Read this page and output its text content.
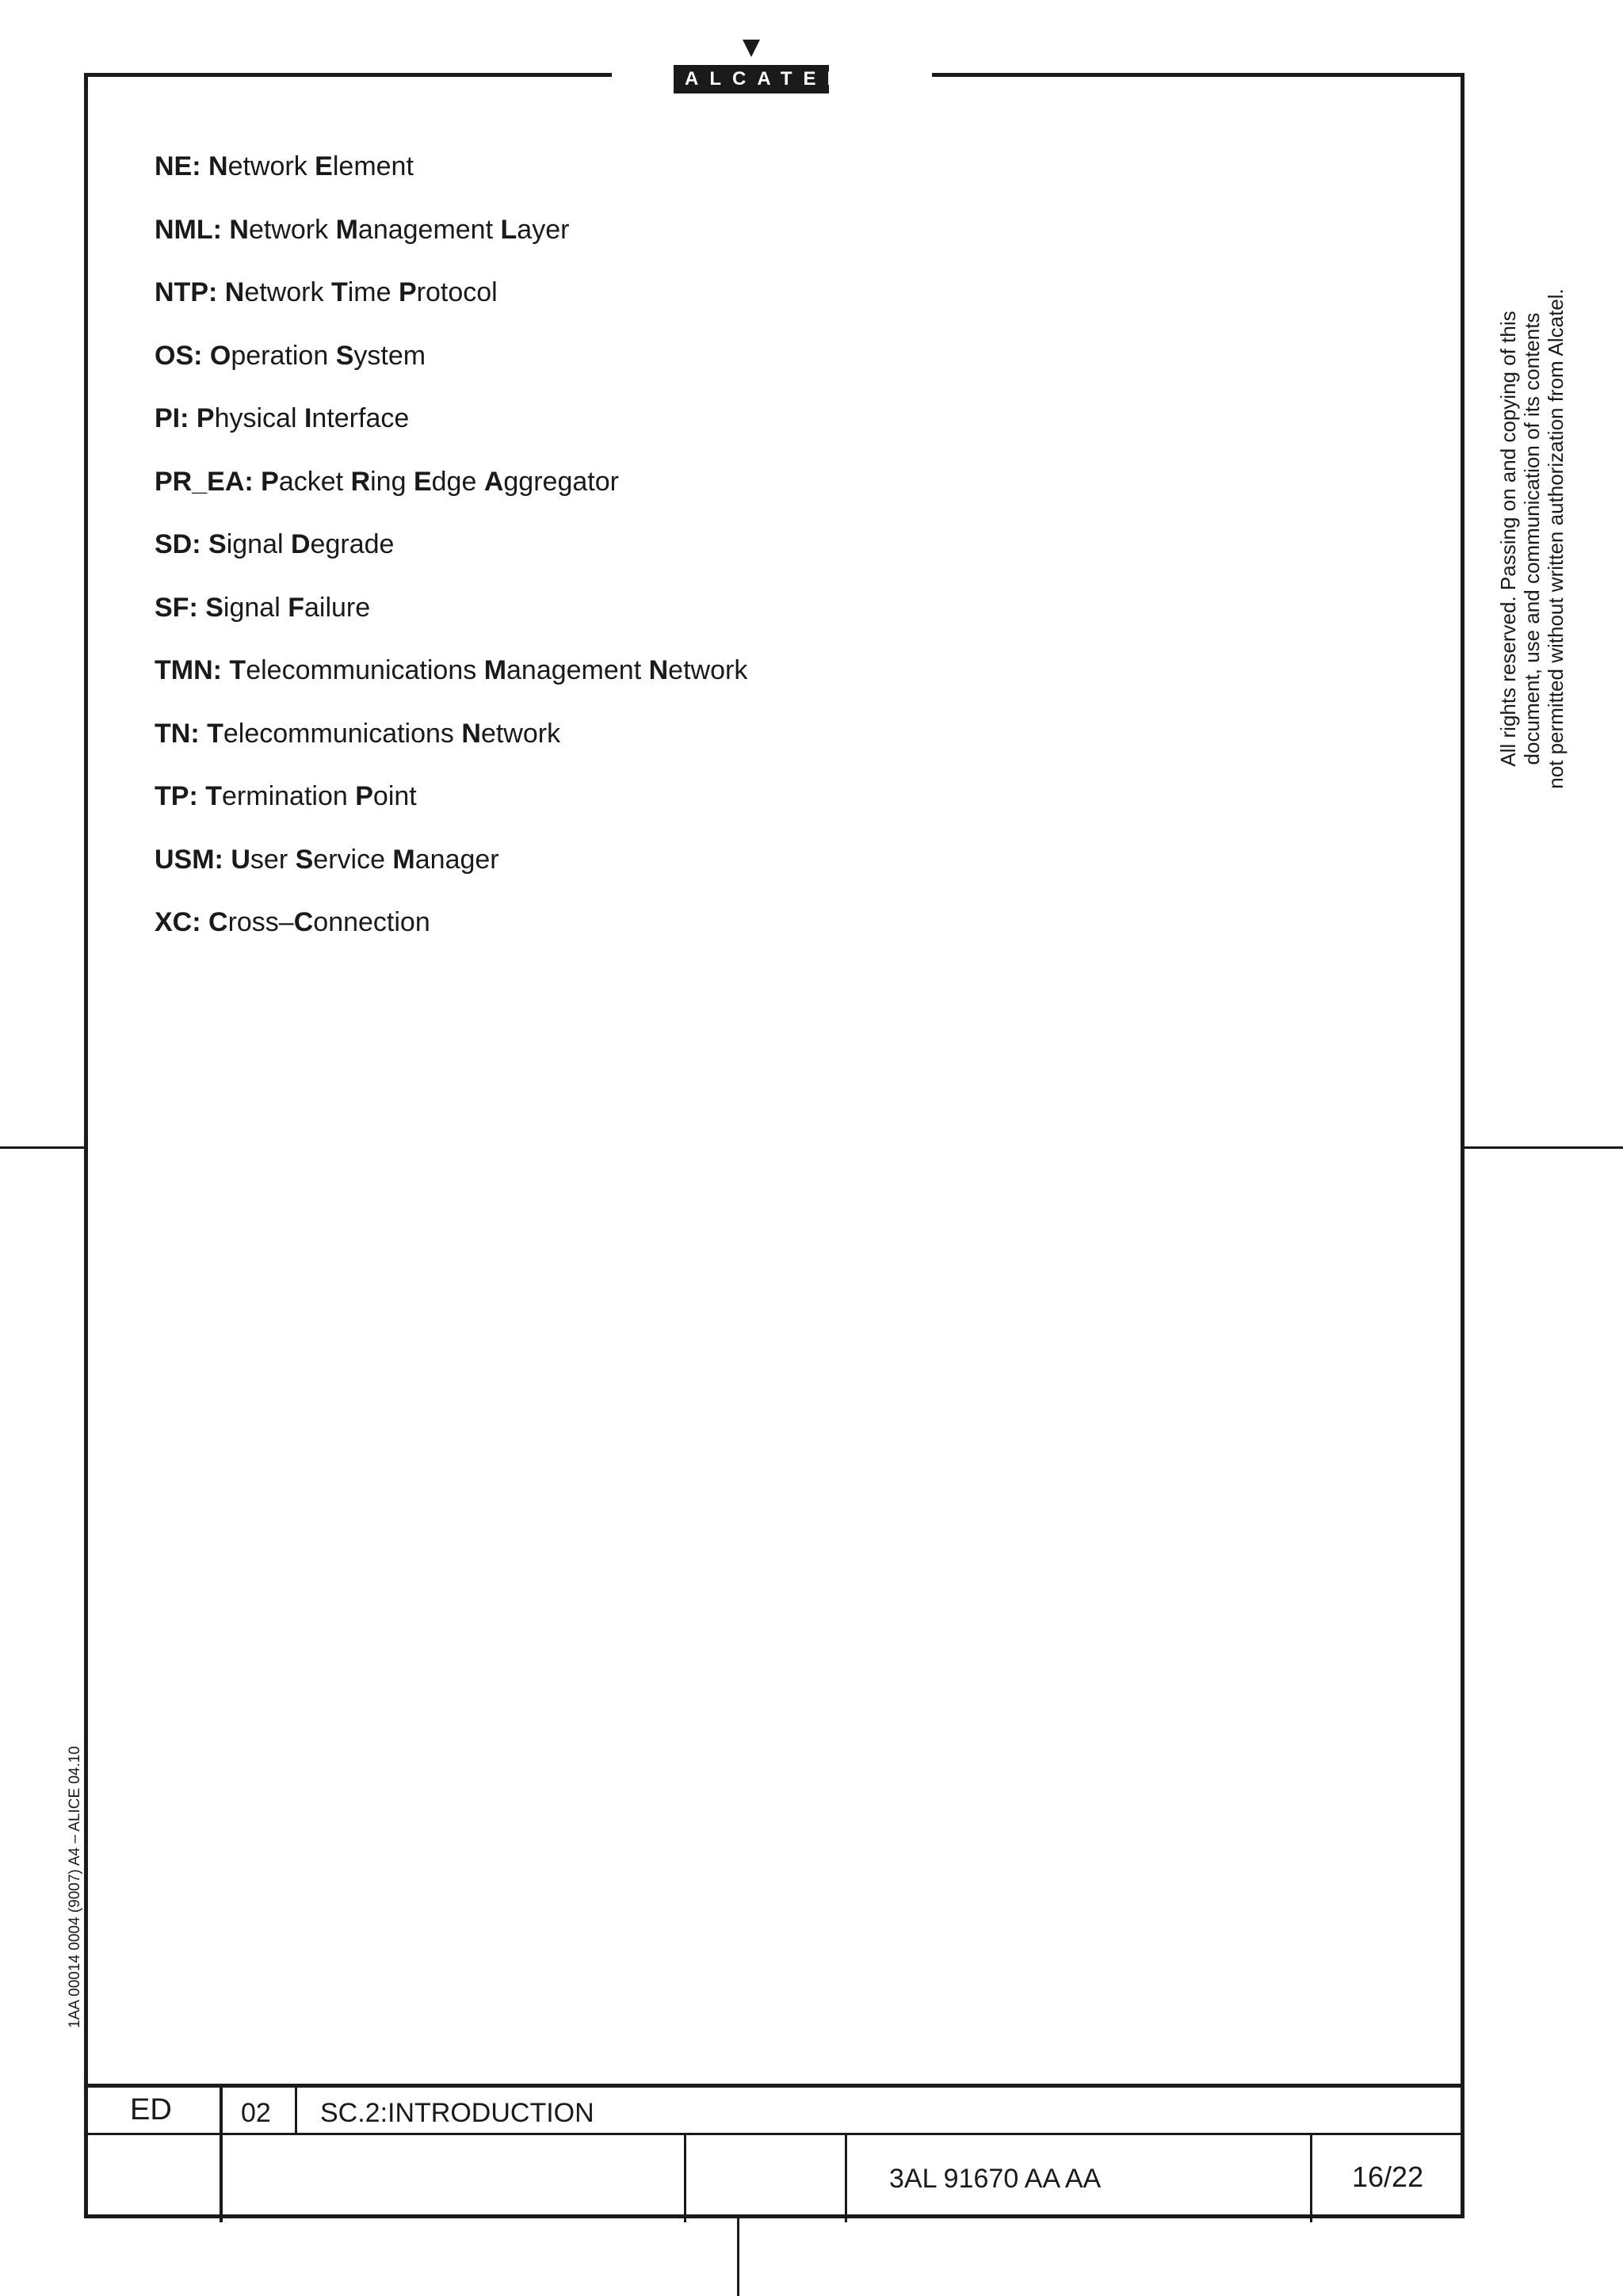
ALCATEL
NE: Network Element
NML: Network Management Layer
NTP: Network Time Protocol
OS: Operation System
PI: Physical Interface
PR_EA: Packet Ring Edge Aggregator
SD: Signal Degrade
SF: Signal Failure
TMN: Telecommunications Management Network
TN: Telecommunications Network
TP: Termination Point
USM: User Service Manager
XC: Cross–Connection
All rights reserved. Passing on and copying of this document, use and communication of its contents not permitted without written authorization from Alcatel.
1AA 00014 0004 (9007) A4 – ALICE 04.10
ED	02 SC.2:INTRODUCTION
3AL 91670 AA AA	16/22
